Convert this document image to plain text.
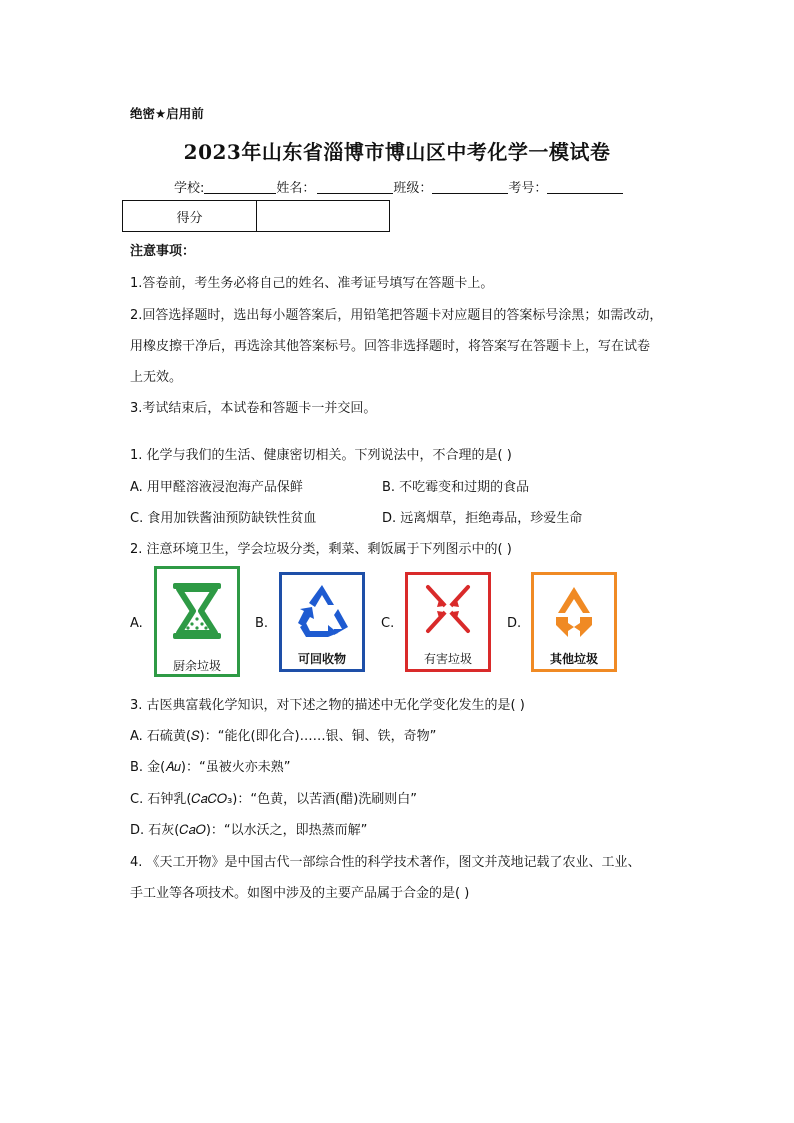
绝密★启用前
2023年山东省淄博市博山区中考化学一模试卷
学校:	姓名：	班级：	考号：
得分	
注意事项：
1.答卷前，考生务必将自己的姓名、准考证号填写在答题卡上。
2.回答选择题时，选出每小题答案后，用铅笔把答题卡对应题目的答案标号涂黑；如需改动，
用橡皮擦干净后，再选涂其他答案标号。回答非选择题时，将答案写在答题卡上，写在试卷
上无效。
3.考试结束后，本试卷和答题卡一并交回。
1. 化学与我们的生活、健康密切相关。下列说法中，不合理的是( )
A. 用甲醛溶液浸泡海产品保鲜	B. 不吃霉变和过期的食品
C. 食用加铁酱油预防缺铁性贫血	D. 远离烟草，拒绝毒品，珍爱生命
2. 注意环境卫生，学会垃圾分类，剩菜、剩饭属于下列图示中的( )
A.
厨余垃圾
B.
可回收物
C.
有害垃圾
D.
其他垃圾
3. 古医典富载化学知识，对下述之物的描述中无化学变化发生的是( )
A. 石硫黄(𝑆)：“能化(即化合)……银、铜、铁，奇物”
B. 金(𝐴𝑢)：“虽被火亦未熟”
C. 石钟乳(𝐶𝑎𝐶𝑂₃)：“色黄，以苦酒(醋)洗刷则白”
D. 石灰(𝐶𝑎𝑂)：“以水沃之，即热蒸而解”
4. 《天工开物》是中国古代一部综合性的科学技术著作，图文并茂地记载了农业、工业、
手工业等各项技术。如图中涉及的主要产品属于合金的是( )
